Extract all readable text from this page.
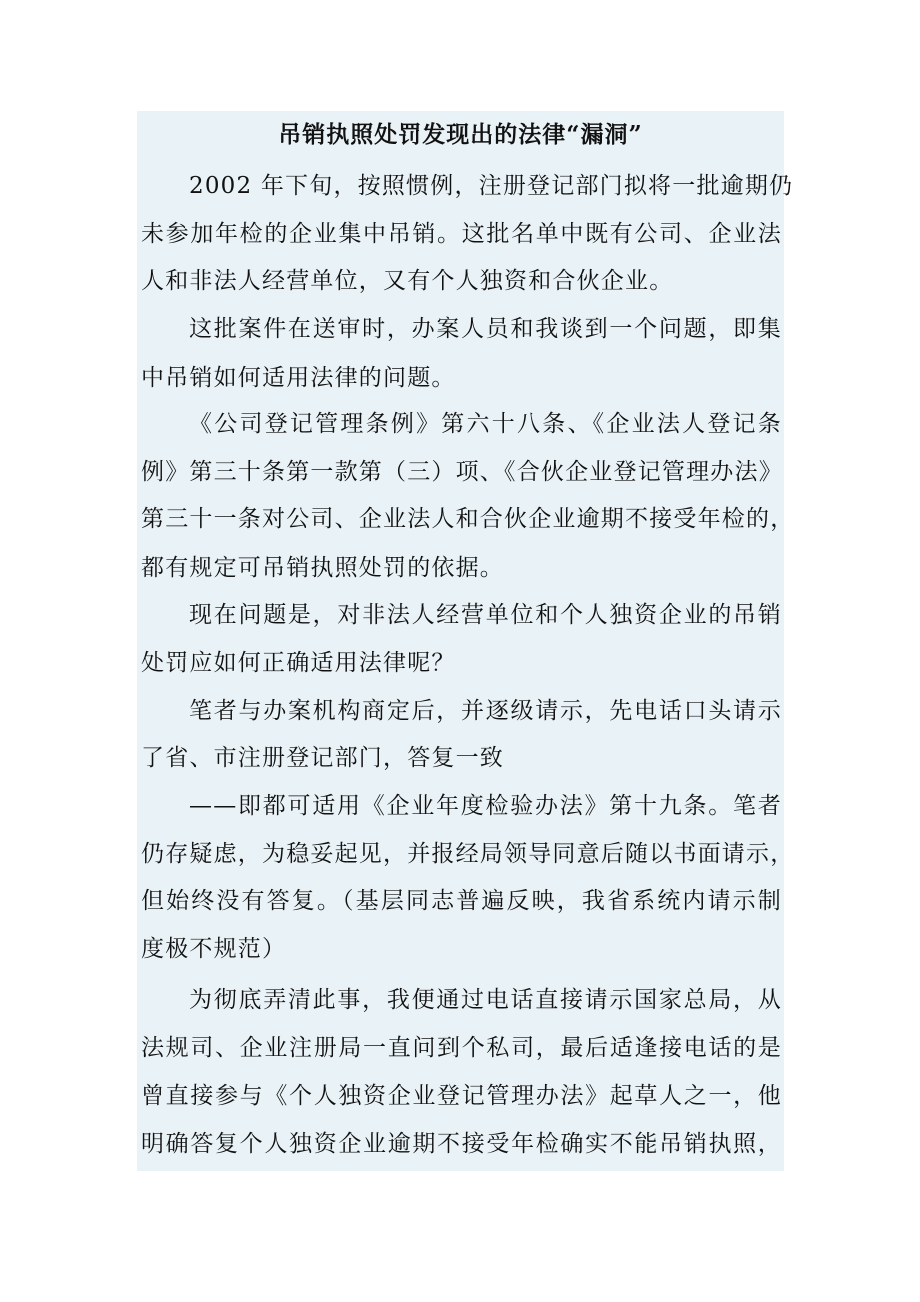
吊销执照处罚发现出的法律“漏洞”
2002 年下旬，按照惯例，注册登记部门拟将一批逾期仍
未参加年检的企业集中吊销。这批名单中既有公司、企业法
人和非法人经营单位，又有个人独资和合伙企业。
这批案件在送审时，办案人员和我谈到一个问题，即集
中吊销如何适用法律的问题。
《公司登记管理条例》第六十八条、《企业法人登记条
例》第三十条第一款第（三）项、《合伙企业登记管理办法》
第三十一条对公司、企业法人和合伙企业逾期不接受年检的，
都有规定可吊销执照处罚的依据。
现在问题是，对非法人经营单位和个人独资企业的吊销
处罚应如何正确适用法律呢？
笔者与办案机构商定后，并逐级请示，先电话口头请示
了省、市注册登记部门，答复一致
——即都可适用《企业年度检验办法》第十九条。笔者
仍存疑虑，为稳妥起见，并报经局领导同意后随以书面请示，
但始终没有答复。（基层同志普遍反映，我省系统内请示制
度极不规范）
为彻底弄清此事，我便通过电话直接请示国家总局，从
法规司、企业注册局一直问到个私司，最后适逢接电话的是
曾直接参与《个人独资企业登记管理办法》起草人之一，他
明确答复个人独资企业逾期不接受年检确实不能吊销执照，
